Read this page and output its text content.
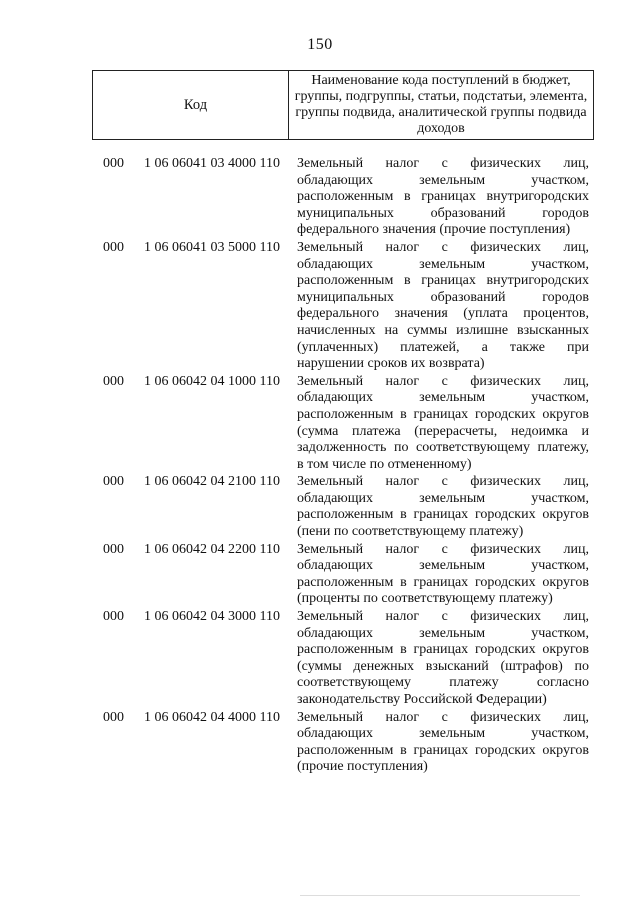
150
Код
Наименование кода поступлений в бюджет, группы, подгруппы, статьи, подстатьи, элемента, группы подвида, аналитической группы подвида доходов
000 1 06 06041 03 4000 110 Земельный налог с физических лиц,
обладающих земельным участком,
расположенным в границах внутригородских
муниципальных образований городов
федерального значения (прочие поступления)
000 1 06 06041 03 5000 110 Земельный налог с физических лиц,
обладающих земельным участком,
расположенным в границах внутригородских
муниципальных образований городов
федерального значения (уплата процентов,
начисленных на суммы излишне взысканных
(уплаченных) платежей, а также при
нарушении сроков их возврата)
000 1 06 06042 04 1000 110 Земельный налог с физических лиц,
обладающих земельным участком,
расположенным в границах городских округов
(сумма платежа (перерасчеты, недоимка и
задолженность по соответствующему платежу,
в том числе по отмененному)
000 1 06 06042 04 2100 110 Земельный налог с физических лиц,
обладающих земельным участком,
расположенным в границах городских округов
(пени по соответствующему платежу)
000 1 06 06042 04 2200 110 Земельный налог с физических лиц,
обладающих земельным участком,
расположенным в границах городских округов
(проценты по соответствующему платежу)
000 1 06 06042 04 3000 110 Земельный налог с физических лиц,
обладающих земельным участком,
расположенным в границах городских округов
(суммы денежных взысканий (штрафов) по
соответствующему платежу согласно
законодательству Российской Федерации)
000 1 06 06042 04 4000 110 Земельный налог с физических лиц,
обладающих земельным участком,
расположенным в границах городских округов
(прочие поступления)
